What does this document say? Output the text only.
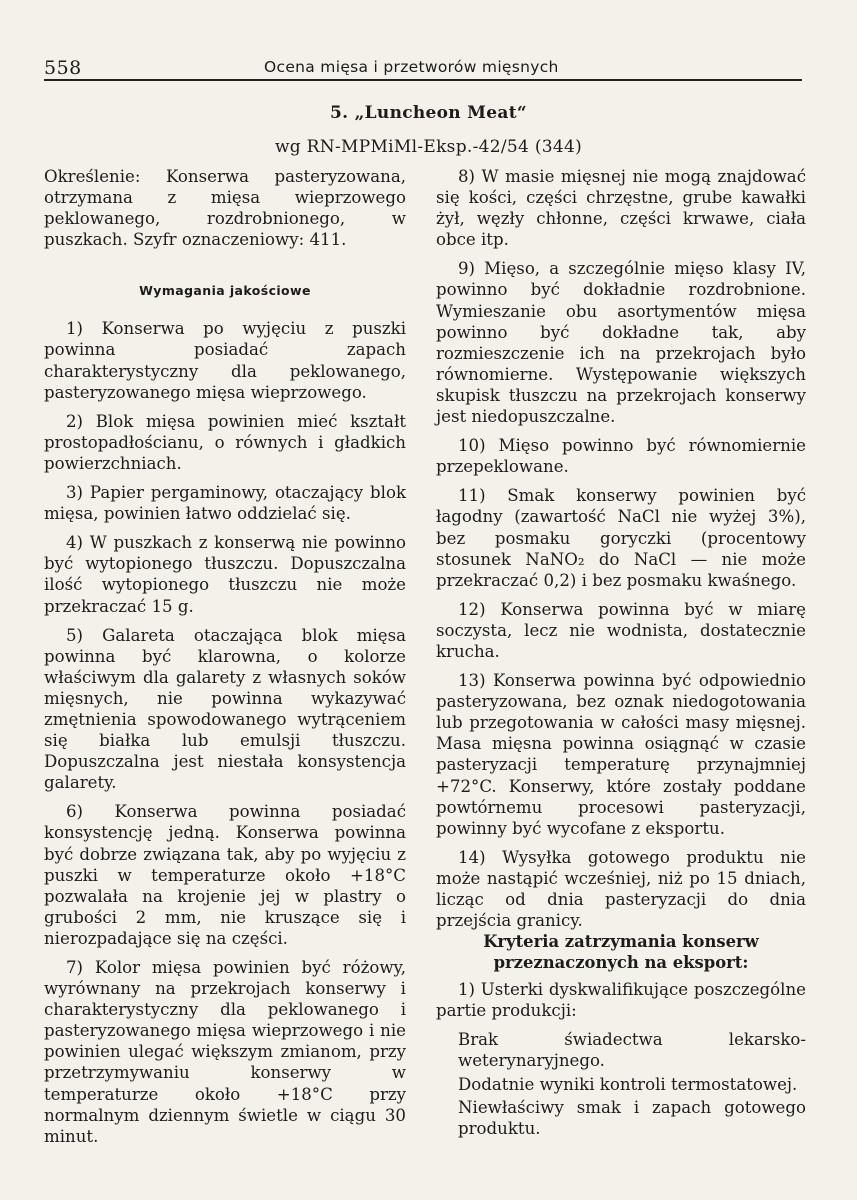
558	Ocena mięsa i przetworów mięsnych
5. „Luncheon Meat“
wg RN-MPMiMl-Eksp.-42/54 (344)

Określenie: Konserwa pasteryzowana, otrzymana z mięsa wieprzowego peklowanego, rozdrobnionego, w puszkach. Szyfr oznaczeniowy: 411.

Wymagania jakościowe

1) Konserwa po wyjęciu z puszki powinna posiadać zapach charakterystyczny dla peklowanego, pasteryzowanego mięsa wieprzowego.

2) Blok mięsa powinien mieć kształt prostopadłościanu, o równych i gładkich powierzchniach.

3) Papier pergaminowy, otaczający blok mięsa, powinien łatwo oddzielać się.

4) W puszkach z konserwą nie powinno być wytopionego tłuszczu. Dopuszczalna ilość wytopionego tłuszczu nie może przekraczać 15 g.

5) Galareta otaczająca blok mięsa powinna być klarowna, o kolorze właściwym dla galarety z własnych soków mięsnych, nie powinna wykazywać zmętnienia spowodowanego wytrąceniem się białka lub emulsji tłuszczu. Dopuszczalna jest niestała konsystencja galarety.

6) Konserwa powinna posiadać konsystencję jedną. Konserwa powinna być dobrze związana tak, aby po wyjęciu z puszki w temperaturze około +18°C pozwalała na krojenie jej w plastry o grubości 2 mm, nie kruszące się i nierozpadające się na części.

7) Kolor mięsa powinien być różowy, wyrównany na przekrojach konserwy i charakterystyczny dla peklowanego i pasteryzowanego mięsa wieprzowego i nie powinien ulegać większym zmianom, przy przetrzymywaniu konserwy w temperaturze około +18°C przy normalnym dziennym świetle w ciągu 30 minut.

8) W masie mięsnej nie mogą znajdować się kości, części chrzęstne, grube kawałki żył, węzły chłonne, części krwawe, ciała obce itp.

9) Mięso, a szczególnie mięso klasy IV, powinno być dokładnie rozdrobnione. Wymieszanie obu asortymentów mięsa powinno być dokładne tak, aby rozmieszczenie ich na przekrojach było równomierne. Występowanie większych skupisk tłuszczu na przekrojach konserwy jest niedopuszczalne.

10) Mięso powinno być równomiernie przepeklowane.

11) Smak konserwy powinien być łagodny (zawartość NaCl nie wyżej 3%), bez posmaku goryczki (procentowy stosunek NaNO₂ do NaCl — nie może przekraczać 0,2) i bez posmaku kwaśnego.

12) Konserwa powinna być w miarę soczysta, lecz nie wodnista, dostatecznie krucha.

13) Konserwa powinna być odpowiednio pasteryzowana, bez oznak niedogotowania lub przegotowania w całości masy mięsnej. Masa mięsna powinna osiągnąć w czasie pasteryzacji temperaturę przynajmniej +72°C. Konserwy, które zostały poddane powtórnemu procesowi pasteryzacji, powinny być wycofane z eksportu.

14) Wysyłka gotowego produktu nie może nastąpić wcześniej, niż po 15 dniach, licząc od dnia pasteryzacji do dnia przejścia granicy.

Kryteria zatrzymania konserw przeznaczonych na eksport:

1) Usterki dyskwalifikujące poszczególne partie produkcji:

Brak świadectwa lekarsko-weterynaryjnego.

Dodatnie wyniki kontroli termostatowej.

Niewłaściwy smak i zapach gotowego produktu.
